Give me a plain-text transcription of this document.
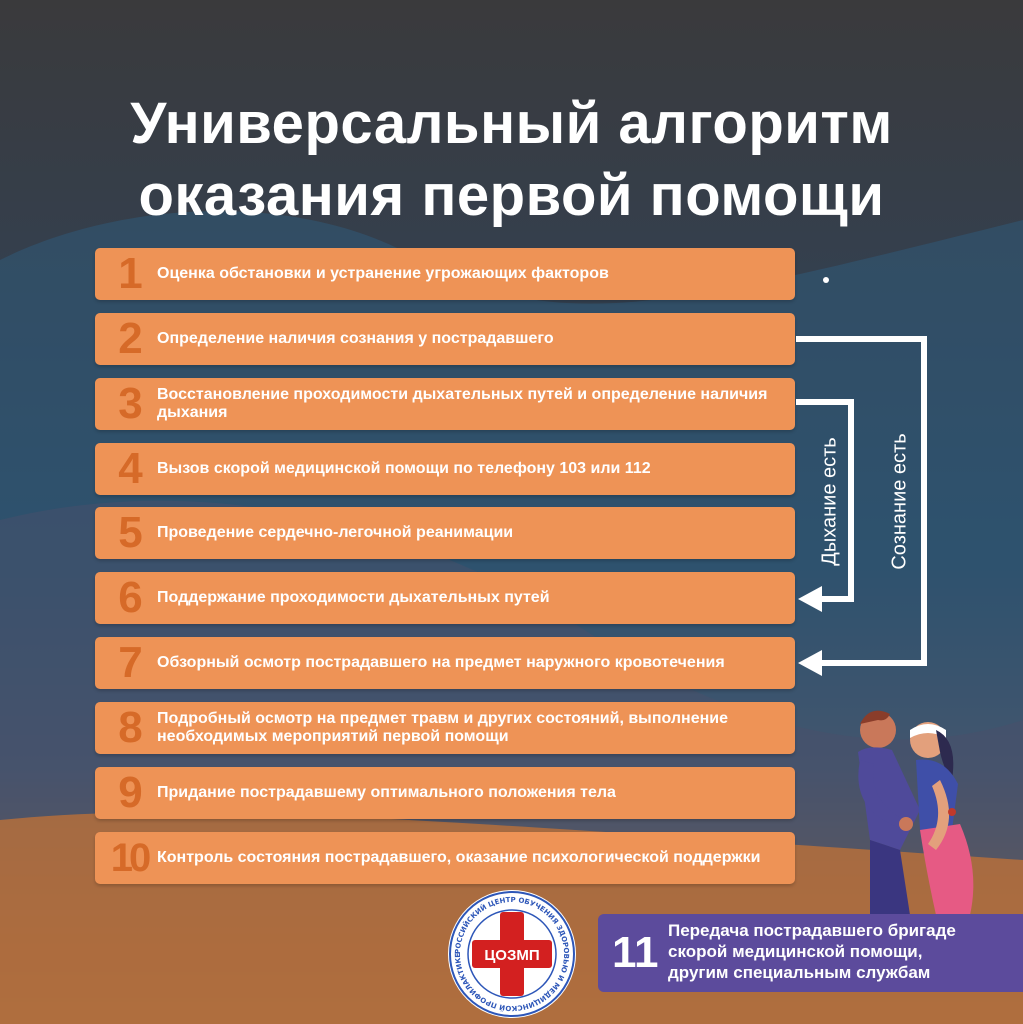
Универсальный алгоритм
оказания первой помощи
1	Оценка обстановки и устранение угрожающих факторов
2	Определение наличия сознания у пострадавшего
3	Восстановление проходимости дыхательных путей и определение наличия дыхания
4	Вызов скорой медицинской помощи по телефону 103 или 112
5	Проведение сердечно-легочной реанимации
6	Поддержание проходимости дыхательных путей
7	Обзорный осмотр пострадавшего на предмет наружного кровотечения
8	Подробный осмотр на предмет травм и других состояний, выполнение необходимых мероприятий первой помощи
9	Придание пострадавшему оптимального положения тела
10 Контроль состояния пострадавшего, оказание психологической поддержки
Дыхание есть Сознание есть
11 Передача пострадавшего бригаде
скорой медицинской помощи,
другим специальным службам
РОССИЙСКИЙ ЦЕНТР ОБУЧЕНИЯ ЗДОРОВЬЮ И МЕДИЦИНСКОЙ ПРОФИЛАКТИКЕ	ЦОЗМП
